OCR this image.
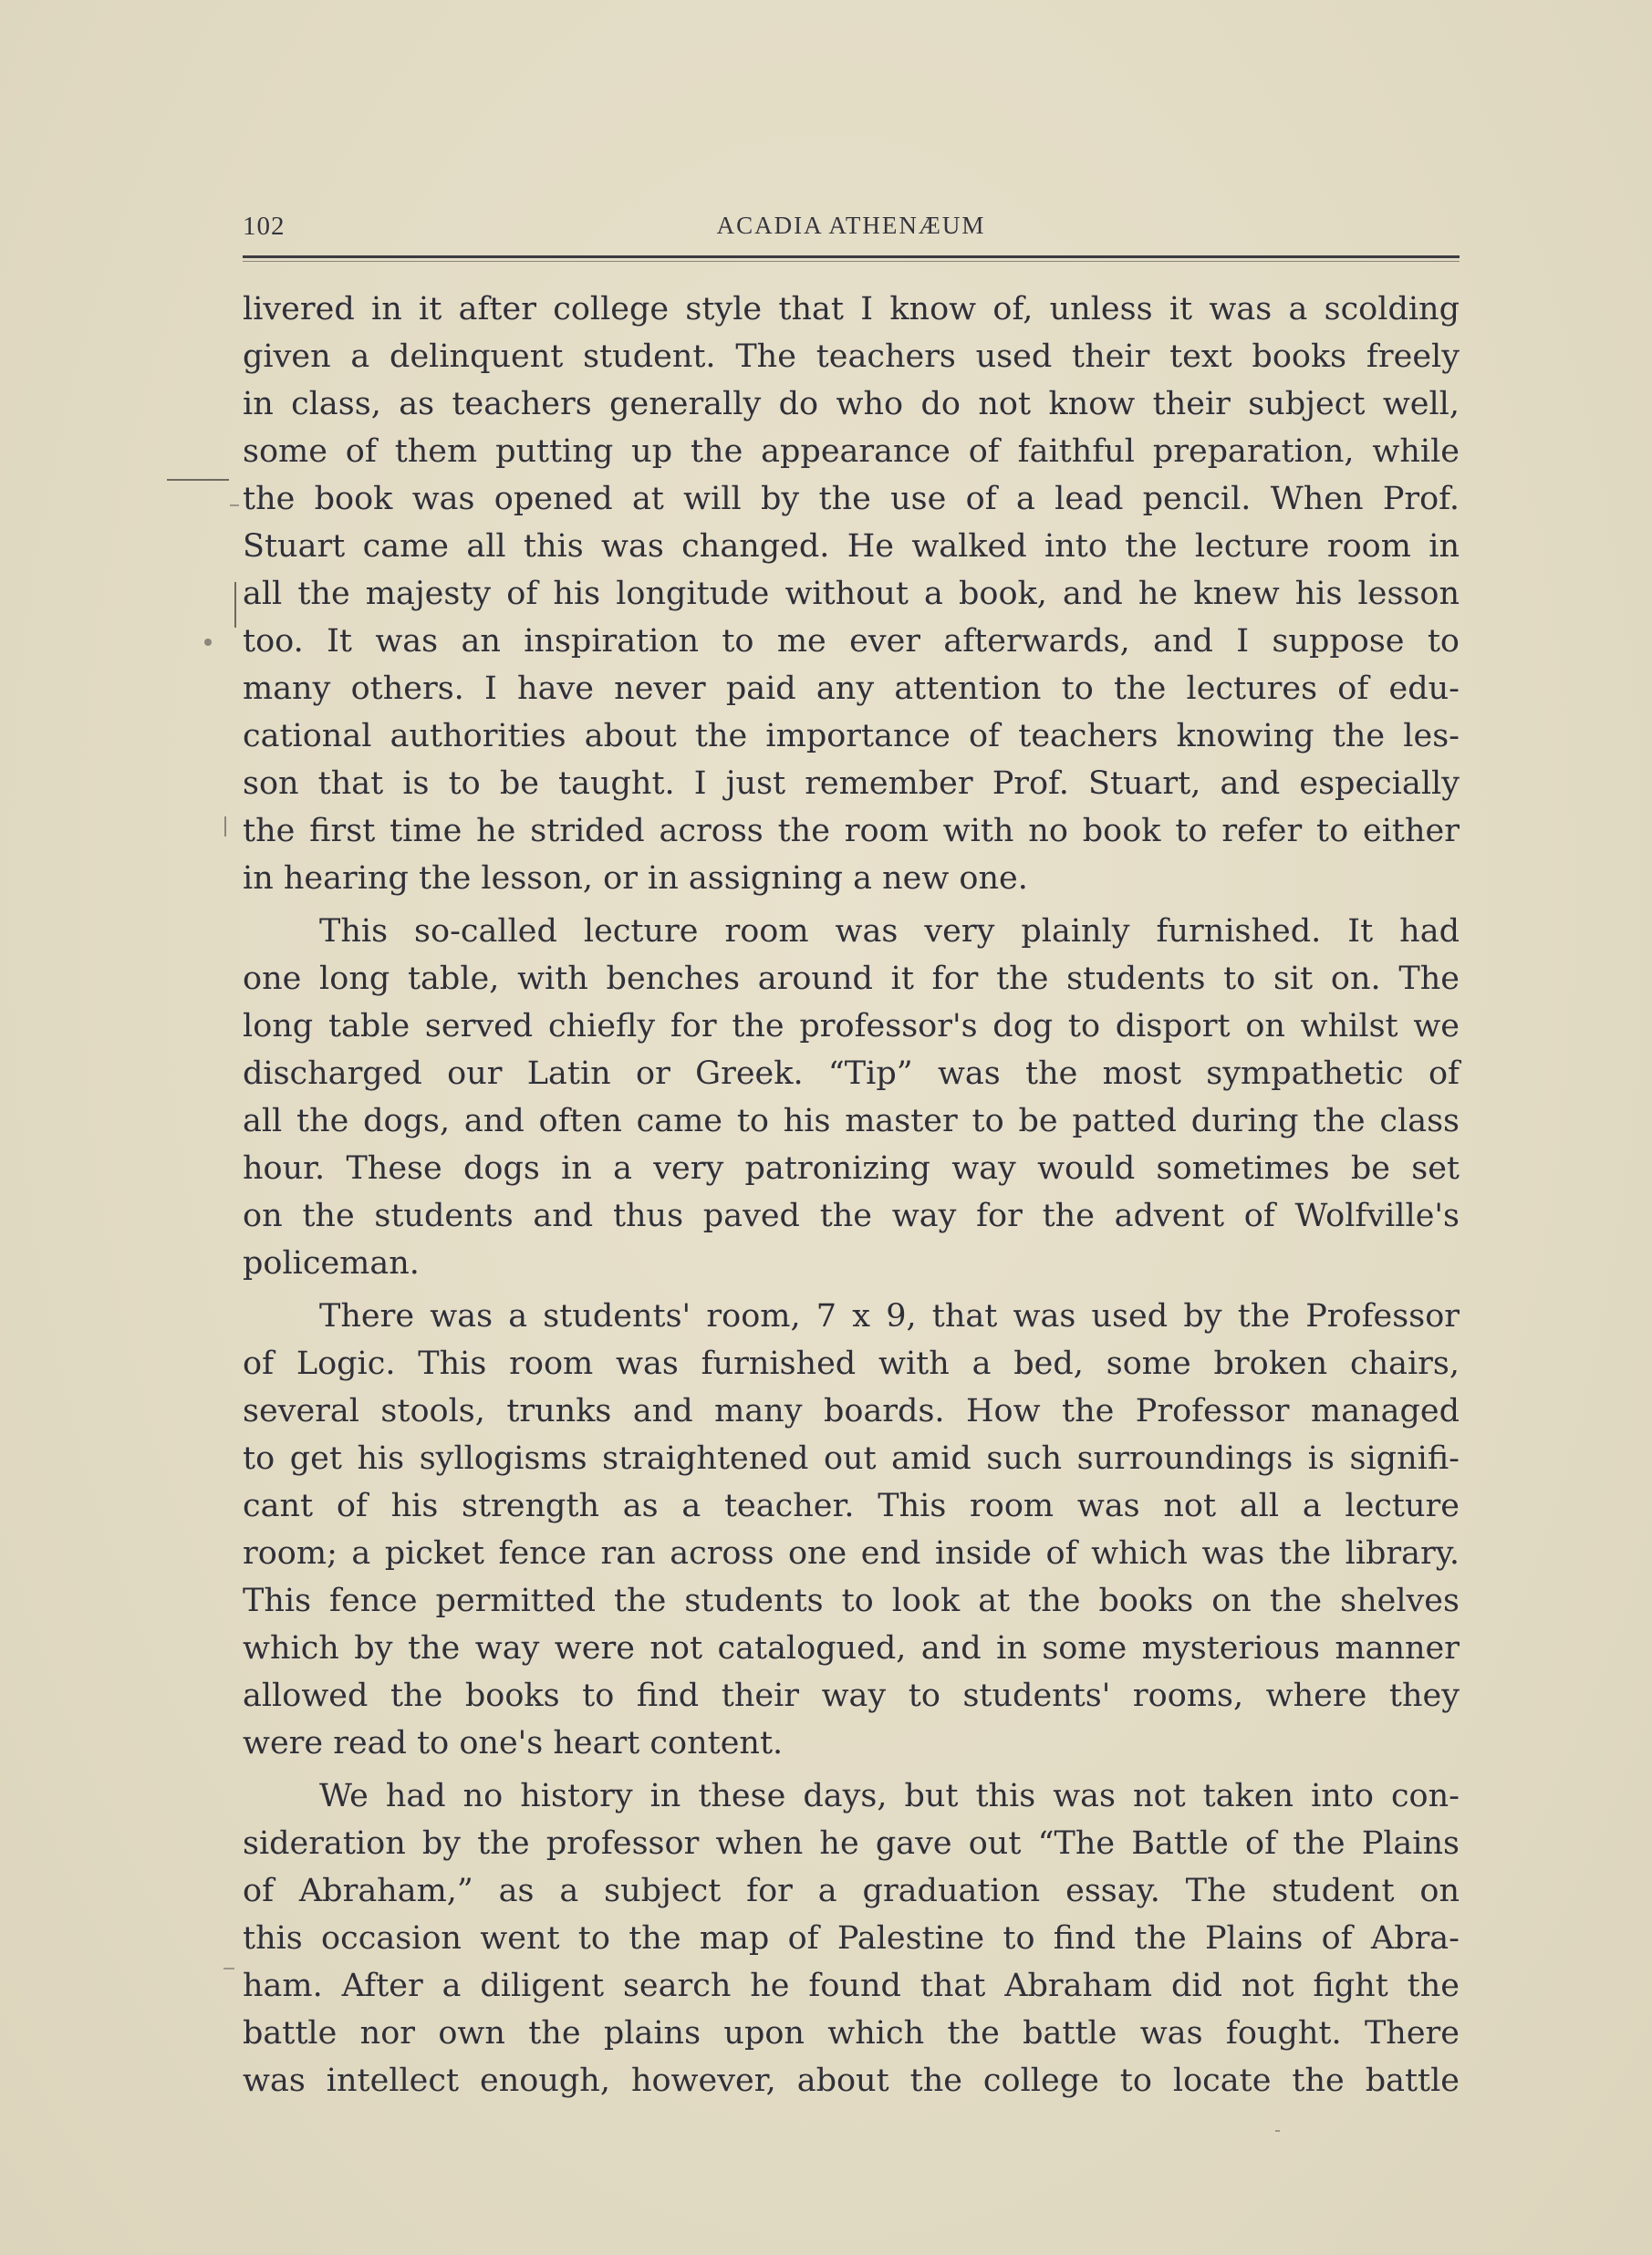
102	ACADIA ATHENÆUM
livered in it after college style that I know of, unless it was a scolding
given a delinquent student. The teachers used their text books freely
in class, as teachers generally do who do not know their subject well,
some of them putting up the appearance of faithful preparation, while
the book was opened at will by the use of a lead pencil. When Prof.
Stuart came all this was changed. He walked into the lecture room in
all the majesty of his longitude without a book, and he knew his lesson
too. It was an inspiration to me ever afterwards, and I suppose to
many others. I have never paid any attention to the lectures of edu-
cational authorities about the importance of teachers knowing the les-
son that is to be taught. I just remember Prof. Stuart, and especially
the first time he strided across the room with no book to refer to either
in hearing the lesson, or in assigning a new one.
This so-called lecture room was very plainly furnished. It had
one long table, with benches around it for the students to sit on. The
long table served chiefly for the professor's dog to disport on whilst we
discharged our Latin or Greek. “Tip” was the most sympathetic of
all the dogs, and often came to his master to be patted during the class
hour. These dogs in a very patronizing way would sometimes be set
on the students and thus paved the way for the advent of Wolfville's
policeman.
There was a students' room, 7 x 9, that was used by the Professor
of Logic. This room was furnished with a bed, some broken chairs,
several stools, trunks and many boards. How the Professor managed
to get his syllogisms straightened out amid such surroundings is signifi-
cant of his strength as a teacher. This room was not all a lecture
room; a picket fence ran across one end inside of which was the library.
This fence permitted the students to look at the books on the shelves
which by the way were not catalogued, and in some mysterious manner
allowed the books to find their way to students' rooms, where they
were read to one's heart content.
We had no history in these days, but this was not taken into con-
sideration by the professor when he gave out “The Battle of the Plains
of Abraham,” as a subject for a graduation essay. The student on
this occasion went to the map of Palestine to find the Plains of Abra-
ham. After a diligent search he found that Abraham did not fight the
battle nor own the plains upon which the battle was fought. There
was intellect enough, however, about the college to locate the battle
